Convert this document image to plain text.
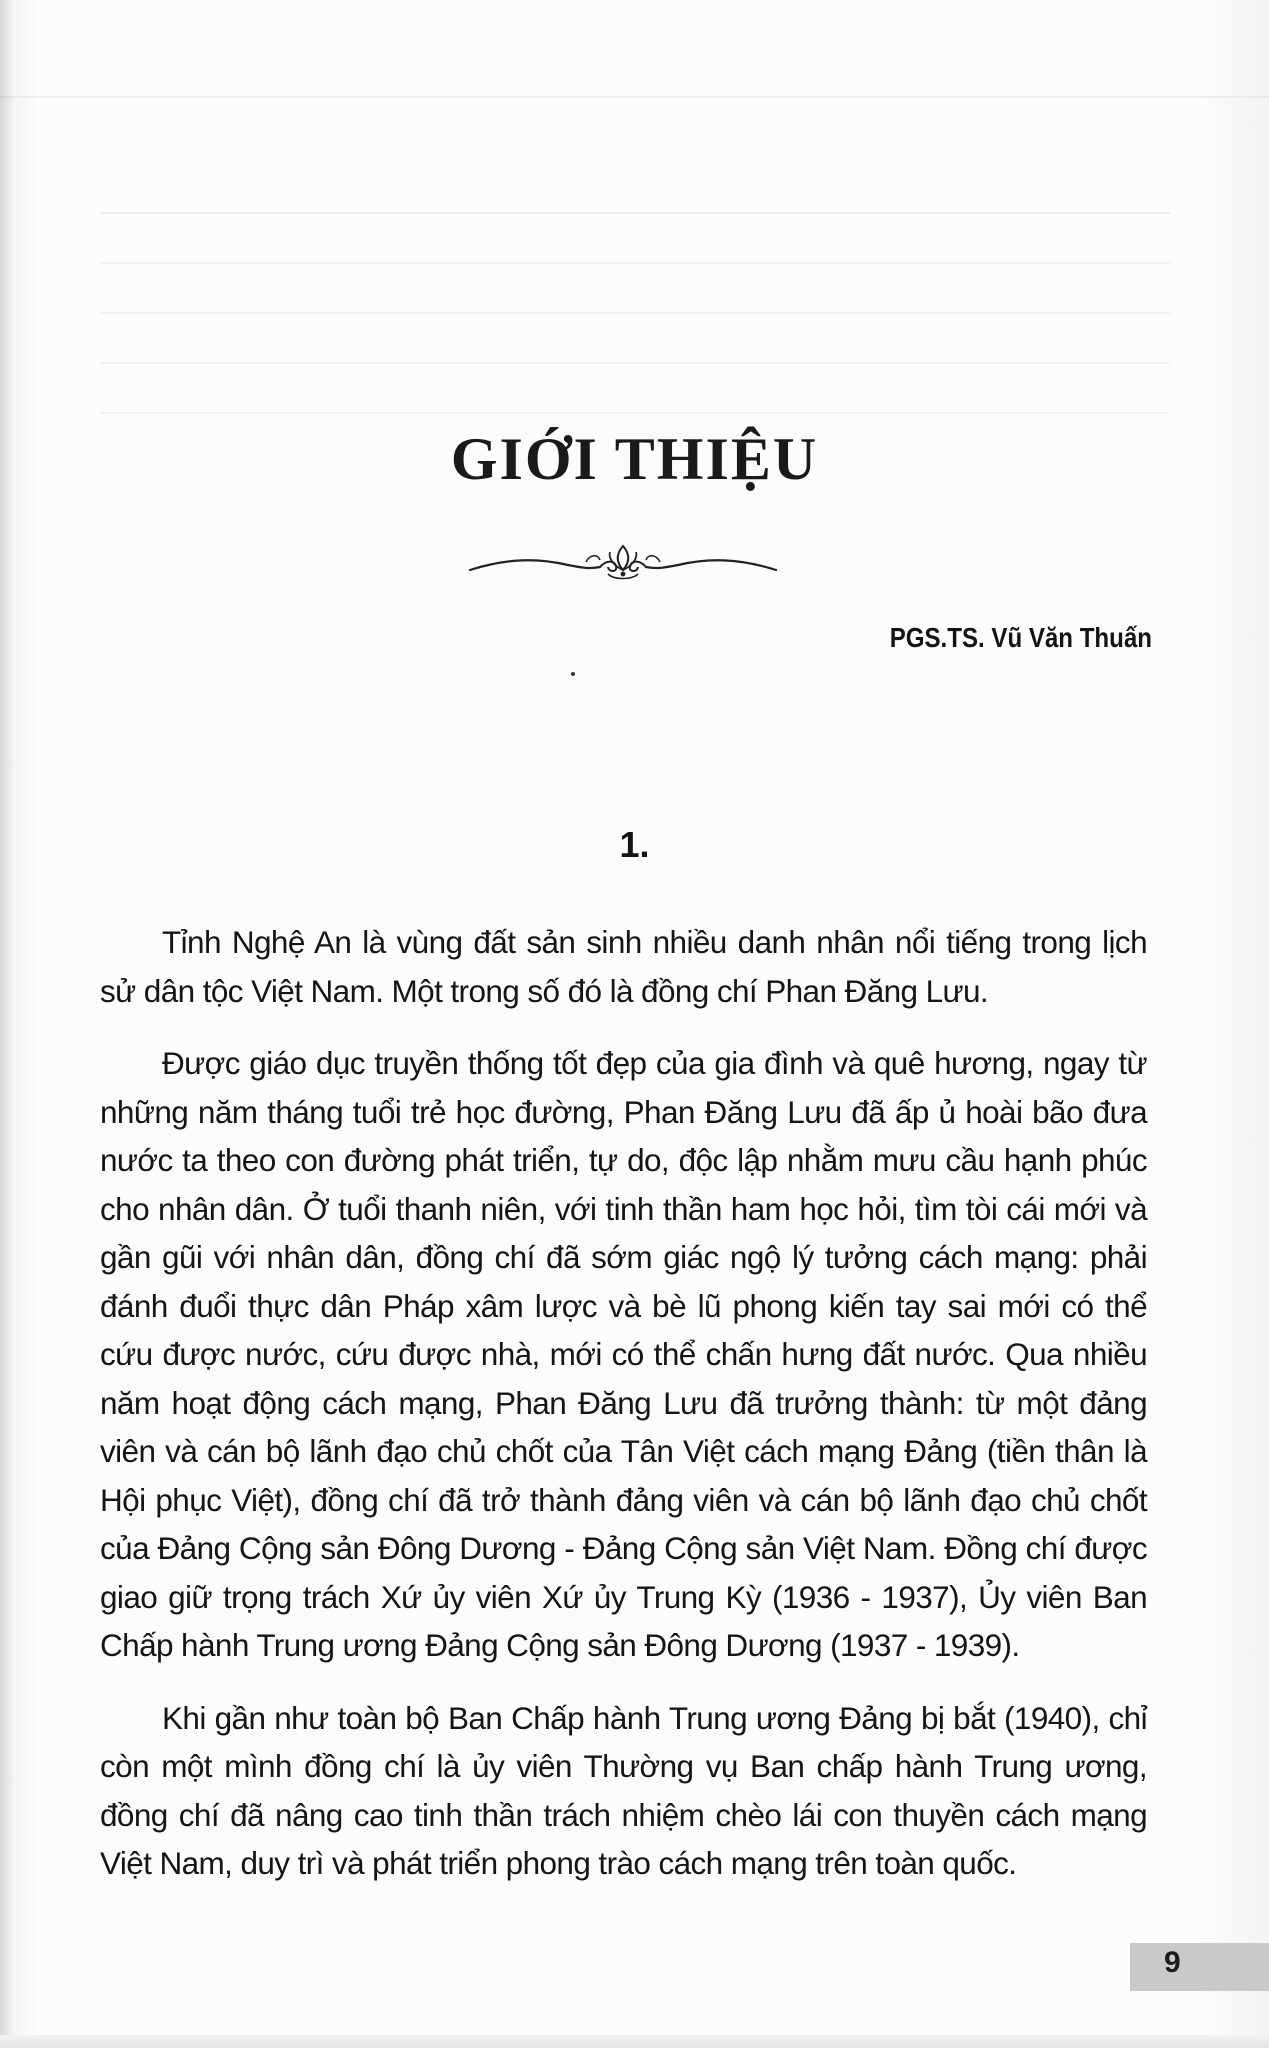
GIỚI THIỆU
PGS.TS. Vũ Văn Thuấn
1.

Tỉnh Nghệ An là vùng đất sản sinh nhiều danh nhân nổi tiếng trong lịch sử dân tộc Việt Nam. Một trong số đó là đồng chí Phan Đăng Lưu.

Được giáo dục truyền thống tốt đẹp của gia đình và quê hương, ngay từ những năm tháng tuổi trẻ học đường, Phan Đăng Lưu đã ấp ủ hoài bão đưa nước ta theo con đường phát triển, tự do, độc lập nhằm mưu cầu hạnh phúc cho nhân dân. Ở tuổi thanh niên, với tinh thần ham học hỏi, tìm tòi cái mới và gần gũi với nhân dân, đồng chí đã sớm giác ngộ lý tưởng cách mạng: phải đánh đuổi thực dân Pháp xâm lược và bè lũ phong kiến tay sai mới có thể cứu được nước, cứu được nhà, mới có thể chấn hưng đất nước. Qua nhiều năm hoạt động cách mạng, Phan Đăng Lưu đã trưởng thành: từ một đảng viên và cán bộ lãnh đạo chủ chốt của Tân Việt cách mạng Đảng (tiền thân là Hội phục Việt), đồng chí đã trở thành đảng viên và cán bộ lãnh đạo chủ chốt của Đảng Cộng sản Đông Dương - Đảng Cộng sản Việt Nam. Đồng chí được giao giữ trọng trách Xứ ủy viên Xứ ủy Trung Kỳ (1936 - 1937), Ủy viên Ban Chấp hành Trung ương Đảng Cộng sản Đông Dương (1937 - 1939).

Khi gần như toàn bộ Ban Chấp hành Trung ương Đảng bị bắt (1940), chỉ còn một mình đồng chí là ủy viên Thường vụ Ban chấp hành Trung ương, đồng chí đã nâng cao tinh thần trách nhiệm chèo lái con thuyền cách mạng Việt Nam, duy trì và phát triển phong trào cách mạng trên toàn quốc.

9
